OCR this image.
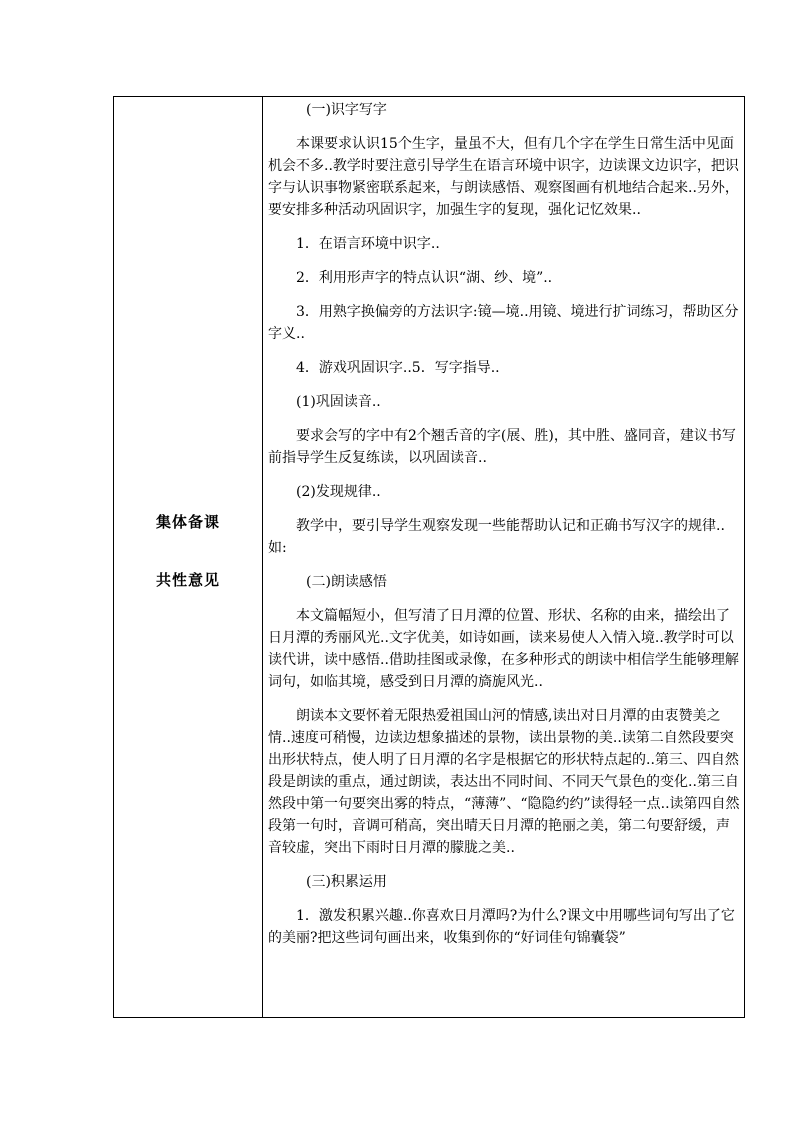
集体备课
共性意见

(一)识字写字

本课要求认识15个生字，量虽不大，但有几个字在学生日常生活中见面机会不多..教学时要注意引导学生在语言环境中识字，边读课文边识字，把识字与认识事物紧密联系起来，与朗读感悟、观察图画有机地结合起来..另外，要安排多种活动巩固识字，加强生字的复现，强化记忆效果..

1．在语言环境中识字..

2．利用形声字的特点认识“湖、纱、境”..

3．用熟字换偏旁的方法识字:镜—境..用镜、境进行扩词练习，帮助区分字义..

4．游戏巩固识字..5．写字指导..

(1)巩固读音..

要求会写的字中有2个翘舌音的字(展、胜)，其中胜、盛同音，建议书写前指导学生反复练读，以巩固读音..

(2)发现规律..

教学中，要引导学生观察发现一些能帮助认记和正确书写汉字的规律..如:

(二)朗读感悟

本文篇幅短小，但写清了日月潭的位置、形状、名称的由来，描绘出了日月潭的秀丽风光..文字优美，如诗如画，读来易使人入情入境..教学时可以读代讲，读中感悟..借助挂图或录像，在多种形式的朗读中相信学生能够理解词句，如临其境，感受到日月潭的旖旎风光..

朗读本文要怀着无限热爱祖国山河的情感,读出对日月潭的由衷赞美之情..速度可稍慢，边读边想象描述的景物，读出景物的美..读第二自然段要突出形状特点，使人明了日月潭的名字是根据它的形状特点起的..第三、四自然段是朗读的重点，通过朗读，表达出不同时间、不同天气景色的变化..第三自然段中第一句要突出雾的特点，“薄薄”、“隐隐约约”读得轻一点..读第四自然段第一句时，音调可稍高，突出晴天日月潭的艳丽之美，第二句要舒缓，声音较虚，突出下雨时日月潭的朦胧之美..

(三)积累运用

1．激发积累兴趣..你喜欢日月潭吗?为什么?课文中用哪些词句写出了它的美丽?把这些词句画出来，收集到你的“好词佳句锦囊袋”
